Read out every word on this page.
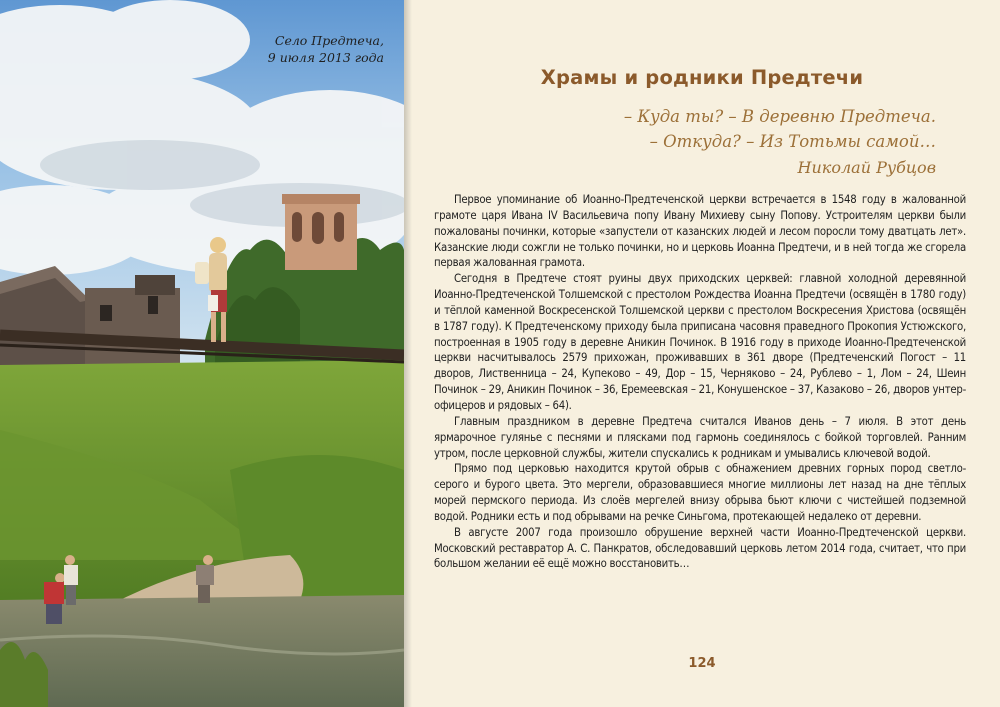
Село Предтеча,
9 июля 2013 года
Храмы и родники Предтечи
– Куда ты? – В деревню Предтеча.
– Откуда? – Из Тотьмы самой…
Николай Рубцов

Первое упоминание об Иоанно-Предтеченской церкви встречается в 1548 году в жалованной грамоте царя Ивана IV Васильевича попу Ивану Михиеву сыну Попову. Устроителям церкви были пожалованы починки, которые «запустели от казанских людей и лесом поросли тому дватцать лет». Казанские люди сожгли не только починки, но и церковь Иоанна Предтечи, и в ней тогда же сгорела первая жалованная грамота.

Сегодня в Предтече стоят руины двух приходских церквей: главной холодной деревянной Иоанно-Предтеченской Толшемской с престолом Рождества Иоанна Предтечи (освящён в 1780 году) и тёплой каменной Воскресенской Толшемской церкви с престолом Воскресения Христова (освящён в 1787 году). К Предтеченскому приходу была приписана часовня праведного Прокопия Устюжского, построенная в 1905 году в деревне Аникин Починок. В 1916 году в приходе Иоанно-Предтеченской церкви насчитывалось 2579 прихожан, проживавших в 361 дворе (Предтеченский Погост – 11 дворов, Лиственница – 24, Купеково – 49, Дор – 15, Черняково – 24, Рублево – 1, Лом – 24, Шеин Починок – 29, Аникин Починок – 36, Еремеевская – 21, Конушенское – 37, Казаково – 26, дворов унтер-офицеров и рядовых – 64).

Главным праздником в деревне Предтеча считался Иванов день – 7 июля. В этот день ярмарочное гулянье с песнями и плясками под гармонь соединялось с бойкой торговлей. Ранним утром, после церковной службы, жители спускались к родникам и умывались ключевой водой.

Прямо под церковью находится крутой обрыв с обнажением древних горных пород светло-серого и бурого цвета. Это мергели, образовавшиеся многие миллионы лет назад на дне тёплых морей пермского периода. Из слоёв мергелей внизу обрыва бьют ключи с чистейшей подземной водой. Родники есть и под обрывами на речке Синьгома, протекающей недалеко от деревни.

В августе 2007 года произошло обрушение верхней части Иоанно-Предтеченской церкви. Московский реставратор А. С. Панкратов, обследовавший церковь летом 2014 года, считает, что при большом желании её ещё можно восстановить…

124
